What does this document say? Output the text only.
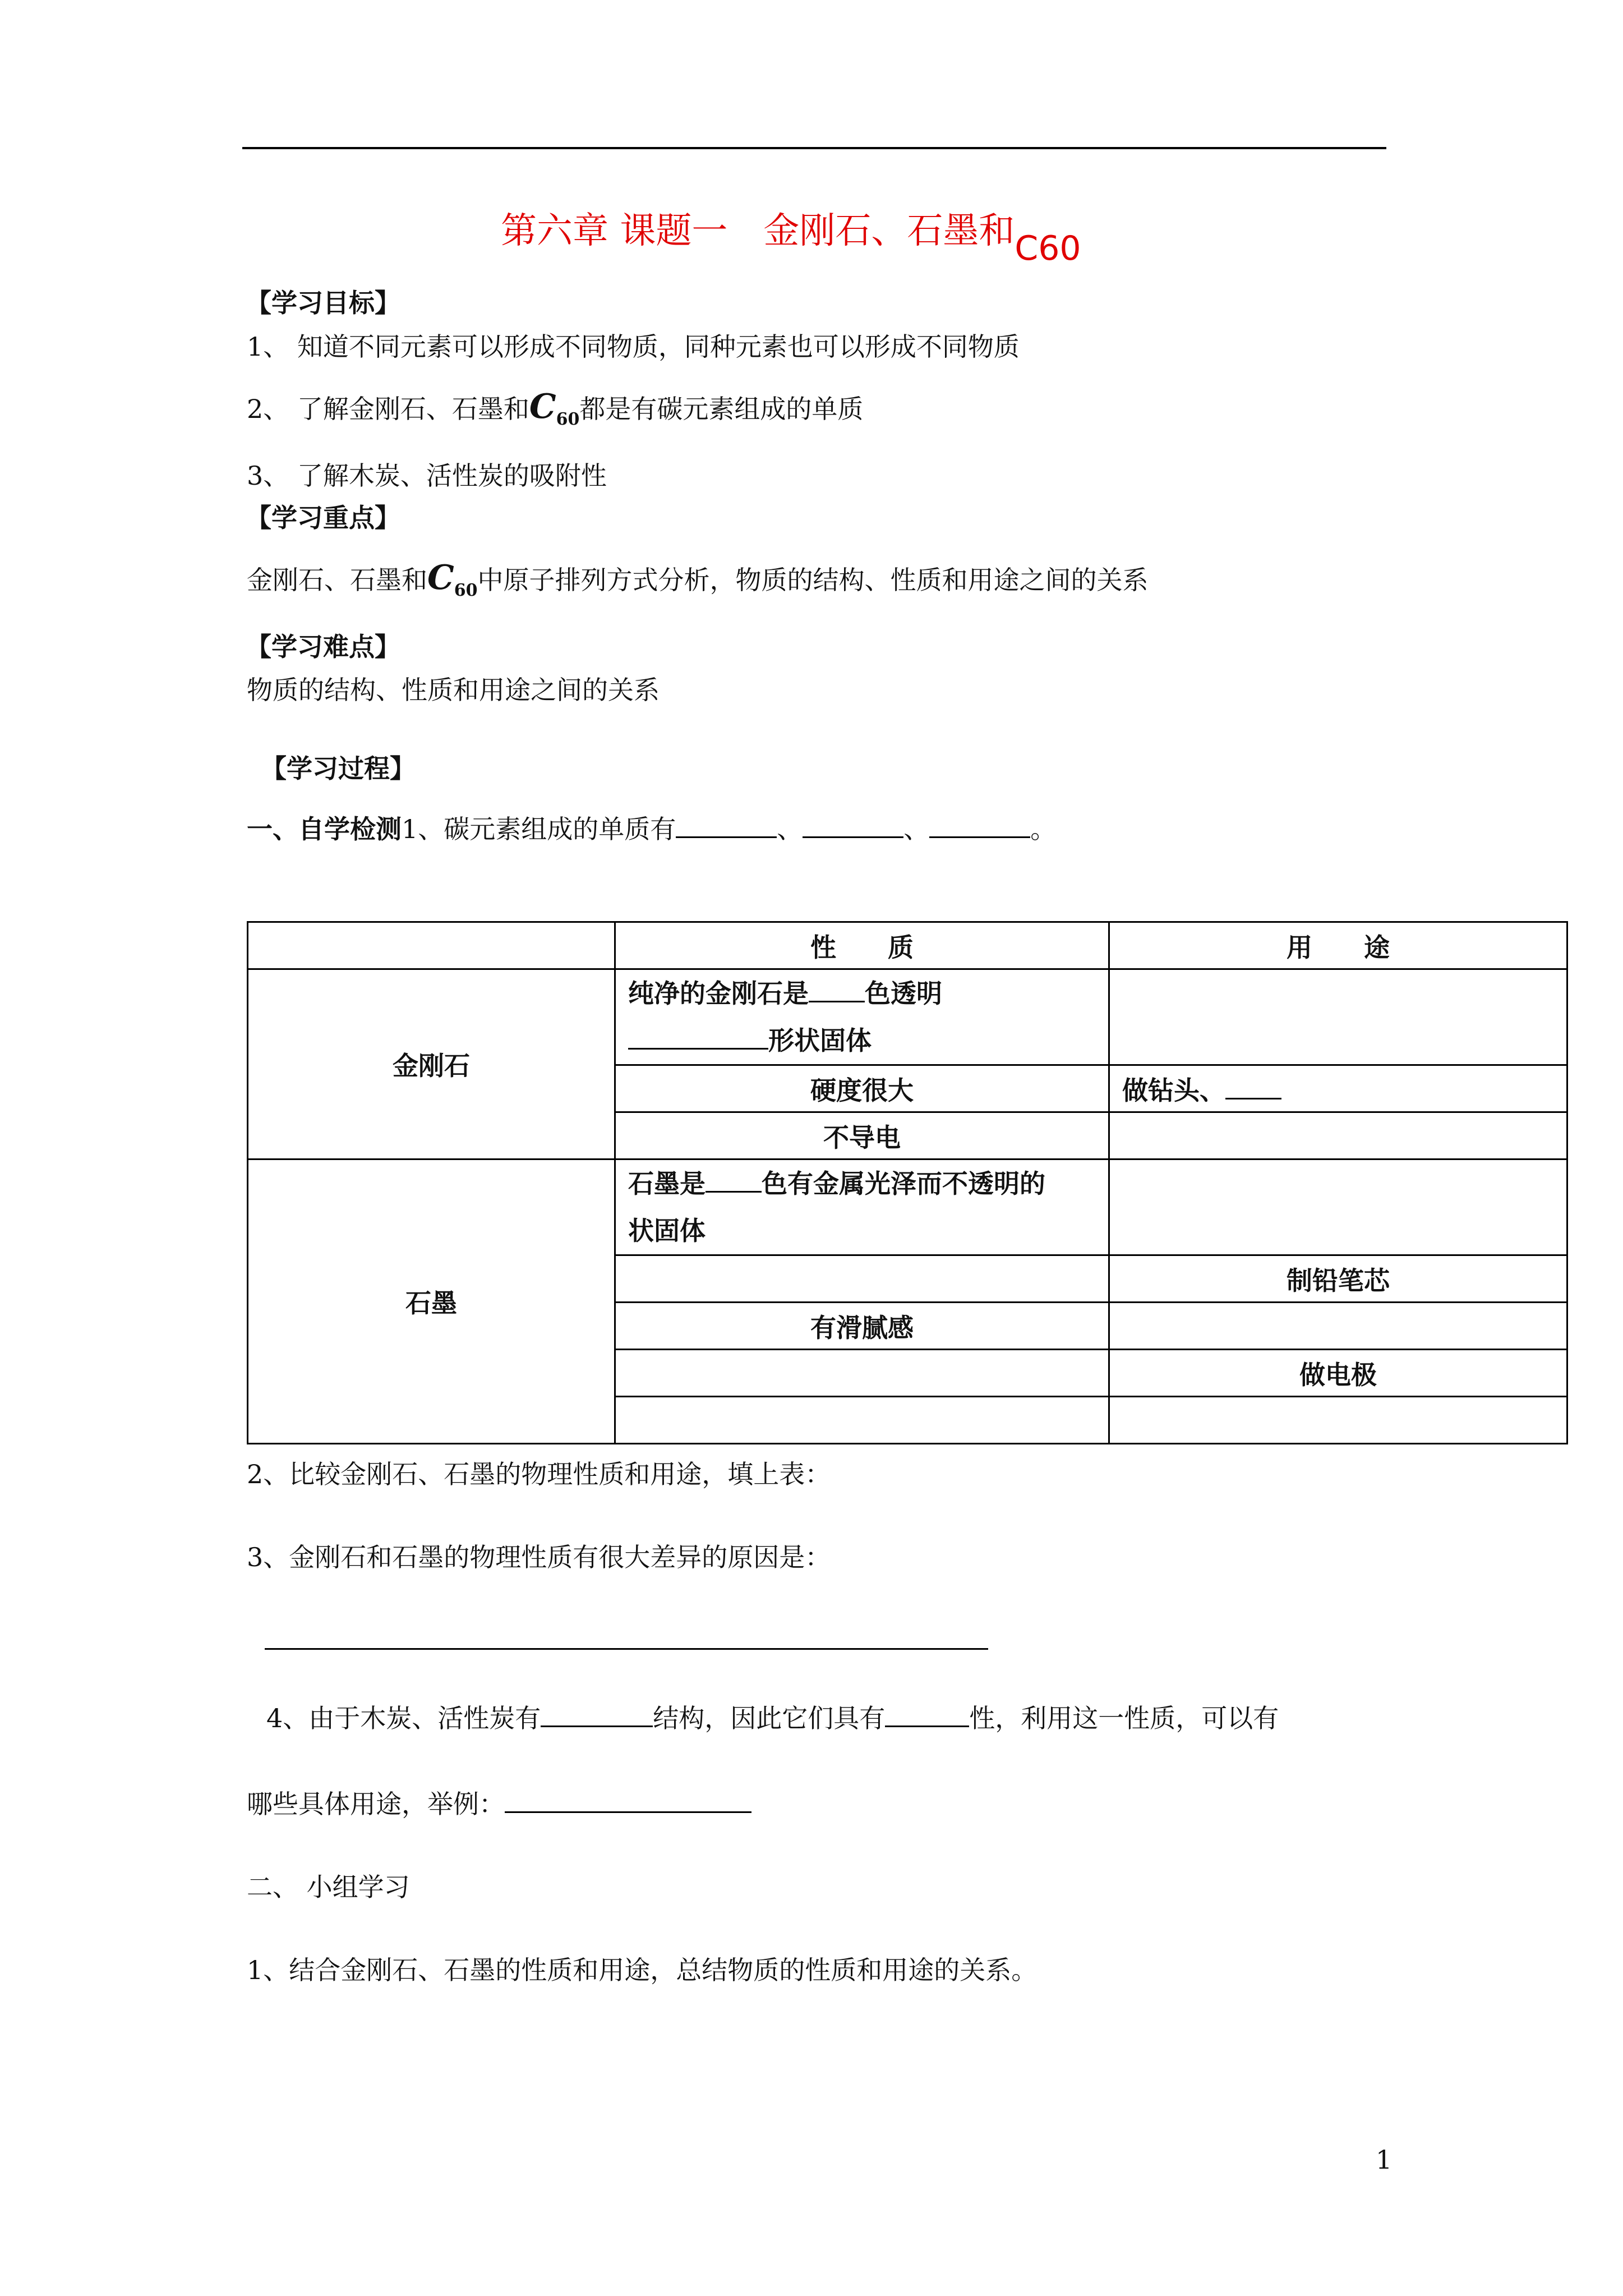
第六章 课题一　金刚石、石墨和C60
【学习目标】
1、 知道不同元素可以形成不同物质，同种元素也可以形成不同物质
2、 了解金刚石、石墨和$C_{60}$都是有碳元素组成的单质
3、 了解木炭、活性炭的吸附性
【学习重点】
金刚石、石墨和$C_{60}$中原子排列方式分析，物质的结构、性质和用途之间的关系
【学习难点】
物质的结构、性质和用途之间的关系
【学习过程】
一、自学检测1、碳元素组成的单质有	、	、	。
	性　　质	用　　途
金刚石	纯净的金刚石是 色透明
形状固体	
	硬度很大	做钻头、
	不导电	
石墨	石墨是 色有金属光泽而不透明的
状固体	
		制铅笔芯
	有滑腻感	
		做电极

2、比较金刚石、石墨的物理性质和用途，填上表：
3、金刚石和石墨的物理性质有很大差异的原因是：
4、由于木炭、活性炭有	结构，因此它们具有	性，利用这一性质，可以有
哪些具体用途，举例：
二、 小组学习
1、结合金刚石、石墨的性质和用途，总结物质的性质和用途的关系。
1
